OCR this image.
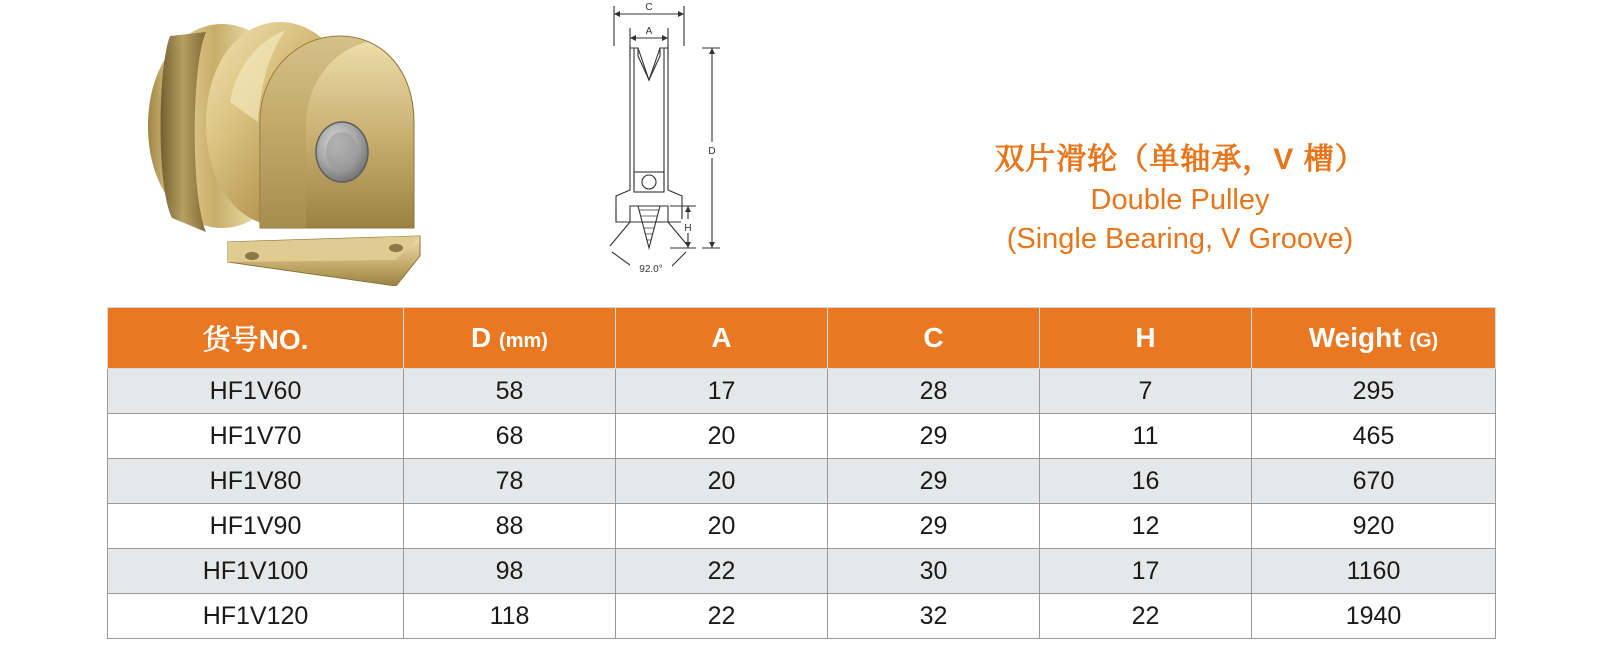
C
A
D
H
92.0°
双片滑轮（单轴承，V 槽）
Double Pulley
(Single Bearing, V Groove)
货号NO.	D (mm)	A	C	H	Weight (G)
HF1V60	58	17	28	7	295
HF1V70	68	20	29	11	465
HF1V80	78	20	29	16	670
HF1V90	88	20	29	12	920
HF1V100	98	22	30	17	1160
HF1V120	118	22	32	22	1940
